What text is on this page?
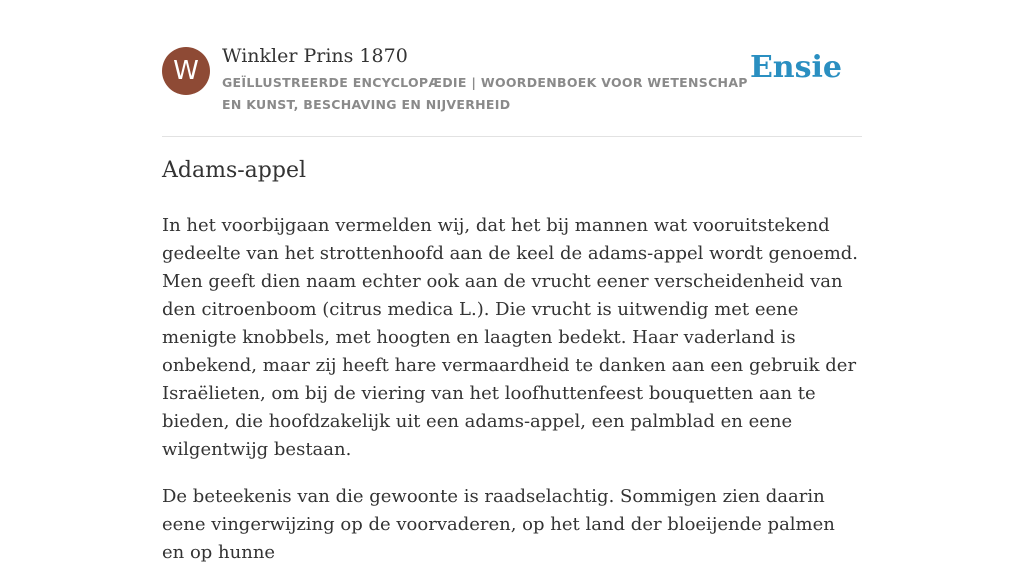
W	Winkler Prins 1870
GEÏLLUSTREERDE ENCYCLOPÆDIE | WOORDENBOEK VOOR WETENSCHAP EN KUNST, BESCHAVING EN NIJVERHEID
Ensie
Adams-appel

In het voorbijgaan vermelden wij, dat het bij mannen wat vooruitstekend gedeelte van het strottenhoofd aan de keel de adams-appel wordt genoemd. Men geeft dien naam echter ook aan de vrucht eener verscheidenheid van den citroenboom (citrus medica L.). Die vrucht is uitwendig met eene menigte knobbels, met hoogten en laagten bedekt. Haar vaderland is onbekend, maar zij heeft hare vermaardheid te danken aan een gebruik der Israëlieten, om bij de viering van het loofhuttenfeest bouquetten aan te bieden, die hoofdzakelijk uit een adams-appel, een palmblad en eene wilgentwijg bestaan.

De beteekenis van die gewoonte is raadselachtig. Sommigen zien daarin eene vingerwijzing op de voorvaderen, op het land der bloeijende palmen en op hunne
